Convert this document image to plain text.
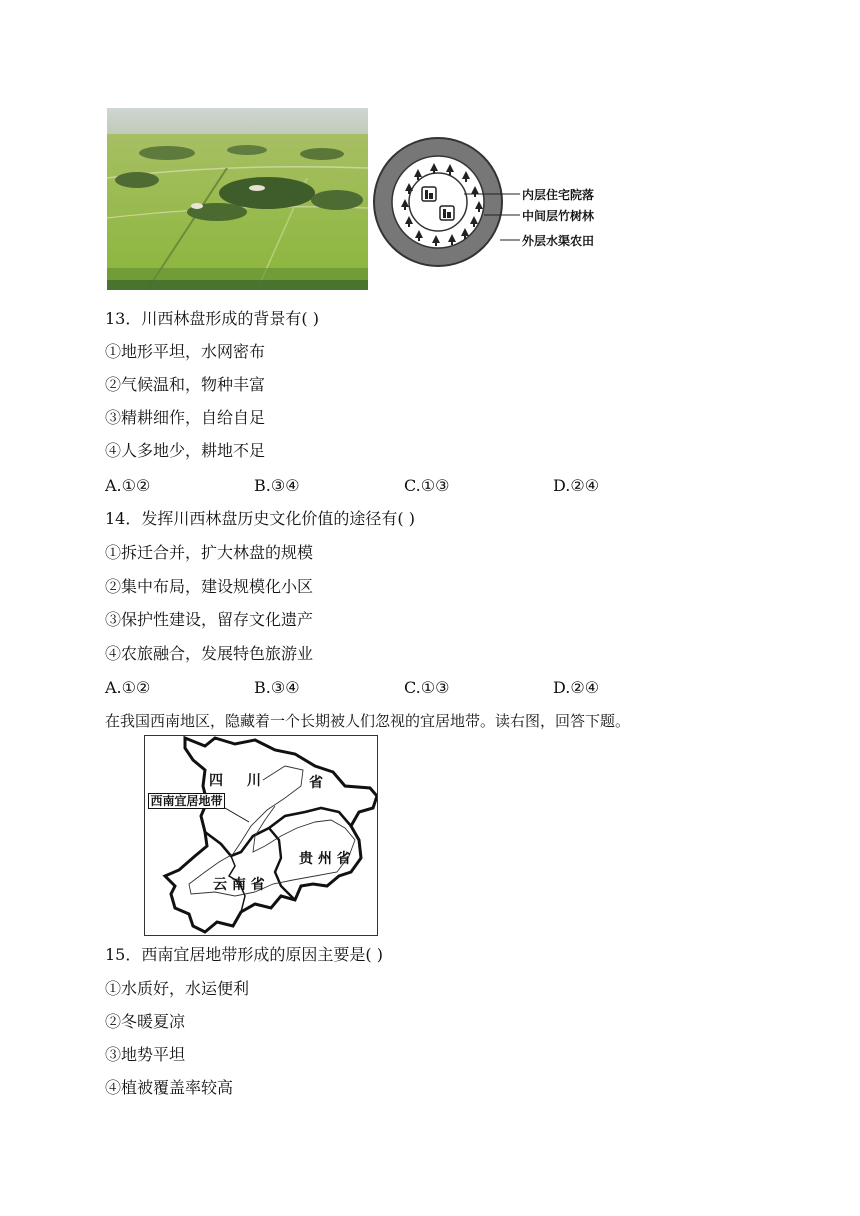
内层住宅院落
中间层竹树林
外层水渠农田
13．川西林盘形成的背景有( )
①地形平坦，水网密布
②气候温和，物种丰富
③精耕细作，自给自足
④人多地少，耕地不足
A.①②	B.③④	C.①③	D.②④
14．发挥川西林盘历史文化价值的途径有( )
①拆迁合并，扩大林盘的规模
②集中布局，建设规模化小区
③保护性建设，留存文化遗产
④农旅融合，发展特色旅游业
A.①②	B.③④	C.①③	D.②④
在我国西南地区，隐藏着一个长期被人们忽视的宜居地带。读右图，回答下题。
西南宜居地带
四 川	省
贵 州 省
云 南 省
15．西南宜居地带形成的原因主要是( )
①水质好，水运便利
②冬暖夏凉
③地势平坦
④植被覆盖率较高
